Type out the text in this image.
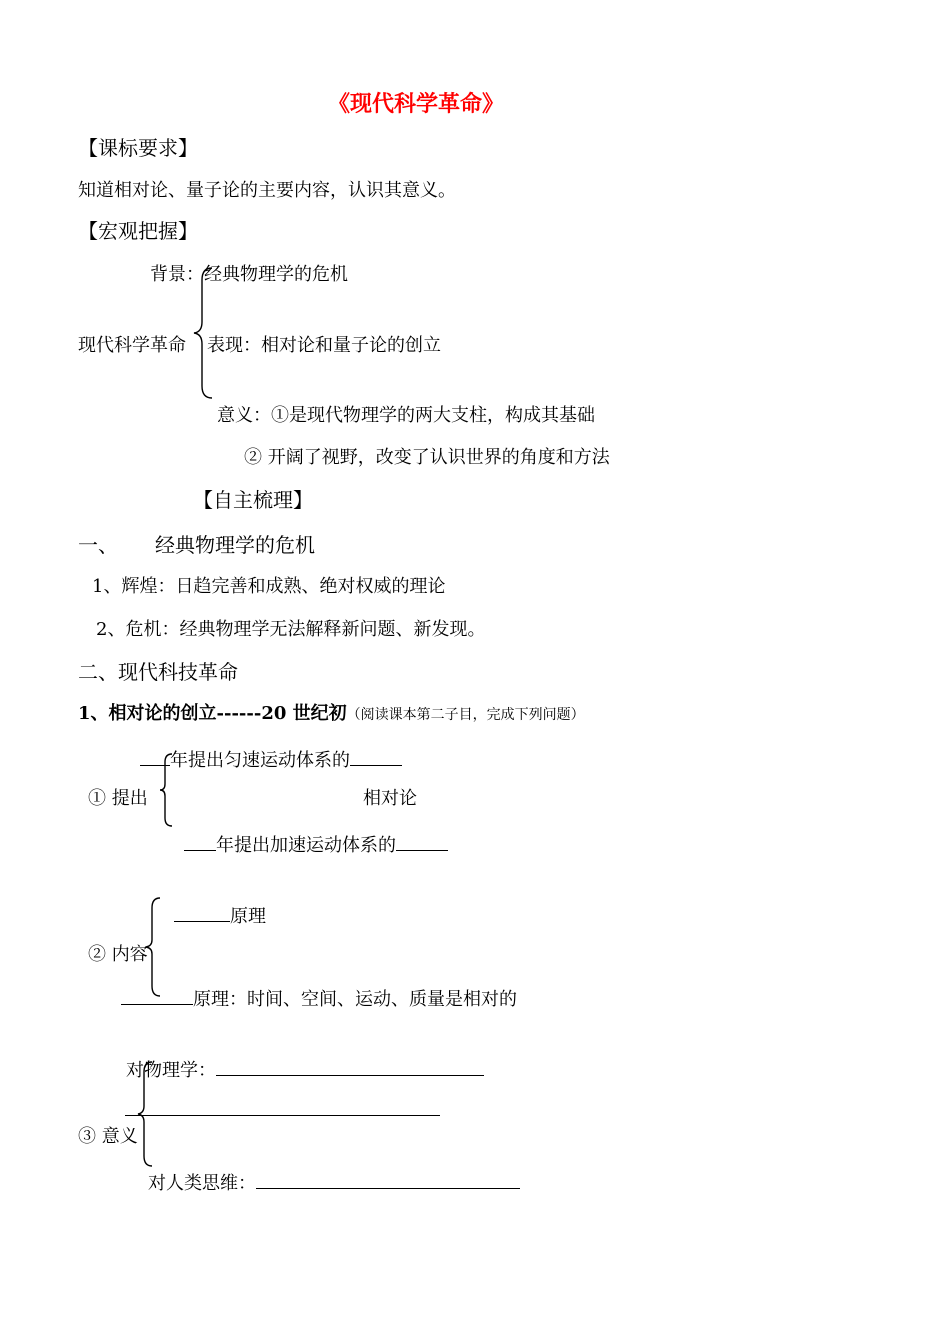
《现代科学革命》
【课标要求】
知道相对论、量子论的主要内容，认识其意义。
【宏观把握】
背景：经典物理学的危机
现代科学革命 表现：相对论和量子论的创立
意义：①是现代物理学的两大支柱，构成其基础
② 开阔了视野，改变了认识世界的角度和方法
【自主梳理】
一、 经典物理学的危机
1、辉煌：日趋完善和成熟、绝对权威的理论
2、危机：经典物理学无法解释新问题、新发现。
二、现代科技革命
1、相对论的创立------20 世纪初（阅读课本第二子目，完成下列问题）
年提出匀速运动体系的
① 提出	相对论
年提出加速运动体系的
原理
② 内容
原理：时间、空间、运动、质量是相对的
对物理学：
③ 意义
对人类思维：
